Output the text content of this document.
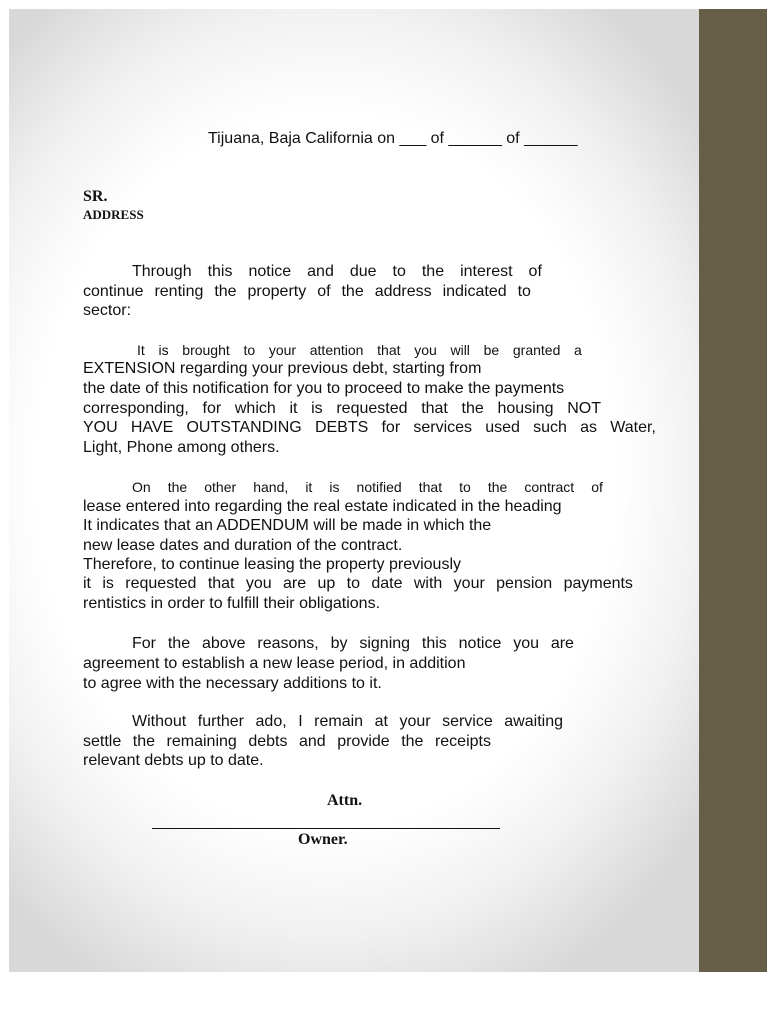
Tijuana, Baja California on ___ of ______ of ______
SR.
ADDRESS
Through this notice and due to the interest of
continue renting the property of the address indicated to
sector:
It is brought to your attention that you will be granted a
EXTENSION regarding your previous debt, starting from
the date of this notification for you to proceed to make the payments
corresponding, for which it is requested that the housing NOT
YOU HAVE OUTSTANDING DEBTS for services used such as Water,
Light, Phone among others.
On the other hand, it is notified that to the contract of
lease entered into regarding the real estate indicated in the heading
It indicates that an ADDENDUM will be made in which the
new lease dates and duration of the contract.
Therefore, to continue leasing the property previously
it is requested that you are up to date with your pension payments
rentistics in order to fulfill their obligations.
For the above reasons, by signing this notice you are
agreement to establish a new lease period, in addition
to agree with the necessary additions to it.
Without further ado, I remain at your service awaiting
settle the remaining debts and provide the receipts
relevant debts up to date.
Attn.
Owner.
